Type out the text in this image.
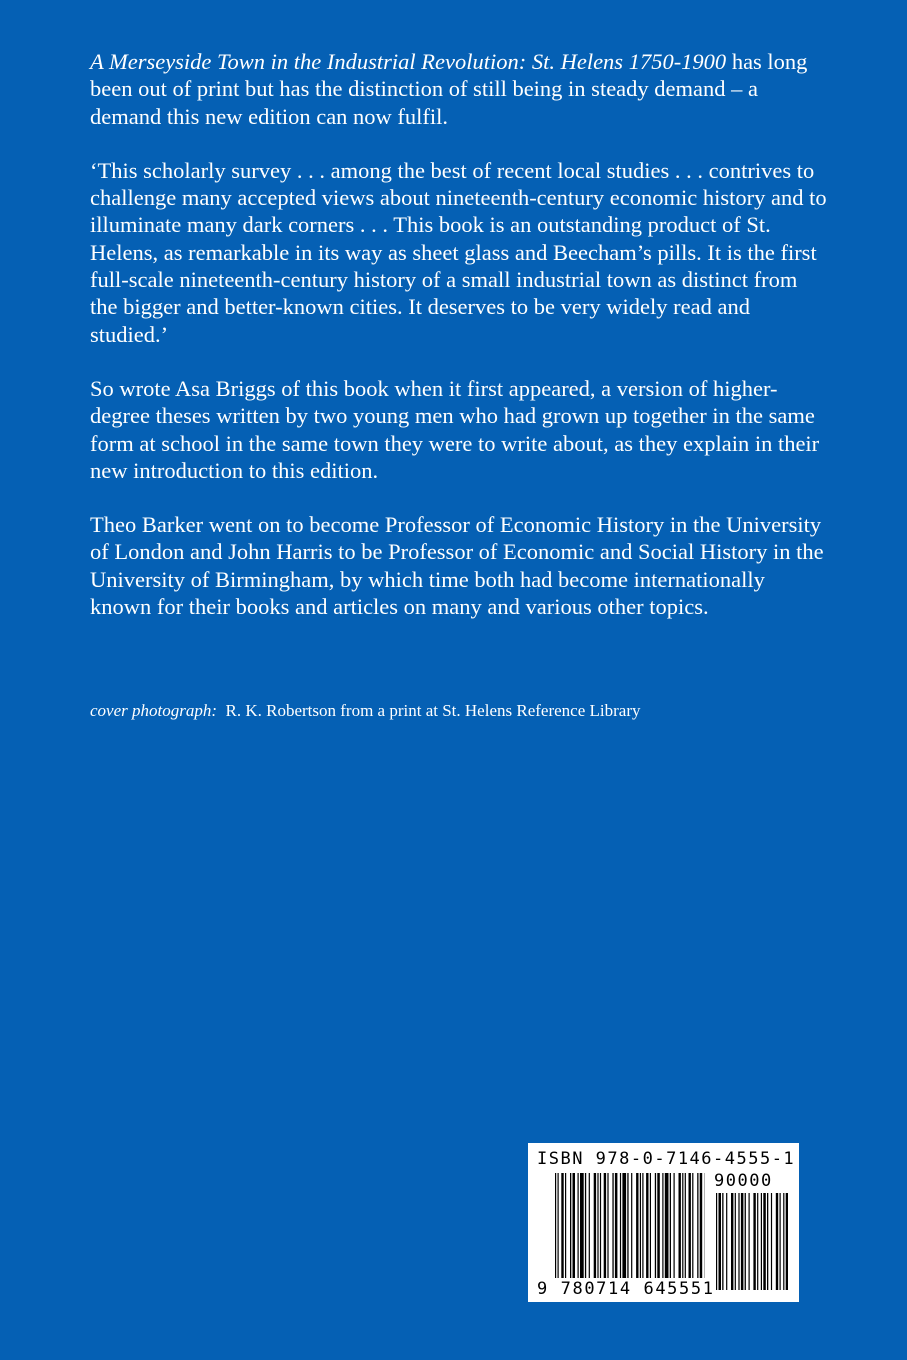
A Merseyside Town in the Industrial Revolution: St. Helens 1750-1900 has long been out of print but has the distinction of still being in steady demand – a demand this new edition can now fulfil.

‘This scholarly survey . . . among the best of recent local studies . . . contrives to challenge many accepted views about nineteenth-century economic history and to illuminate many dark corners . . . This book is an outstanding product of St. Helens, as remarkable in its way as sheet glass and Beecham’s pills. It is the first full-scale nineteenth-century history of a small industrial town as distinct from the bigger and better-known cities. It deserves to be very widely read and studied.’

So wrote Asa Briggs of this book when it first appeared, a version of higher-degree theses written by two young men who had grown up together in the same form at school in the same town they were to write about, as they explain in their new introduction to this edition.

Theo Barker went on to become Professor of Economic History in the University of London and John Harris to be Professor of Economic and Social History in the University of Birmingham, by which time both had become internationally known for their books and articles on many and various other topics.

cover photograph: R. K. Robertson from a print at St. Helens Reference Library
ISBN 978-0-7146-4555-1
90000
9 780714 645551
